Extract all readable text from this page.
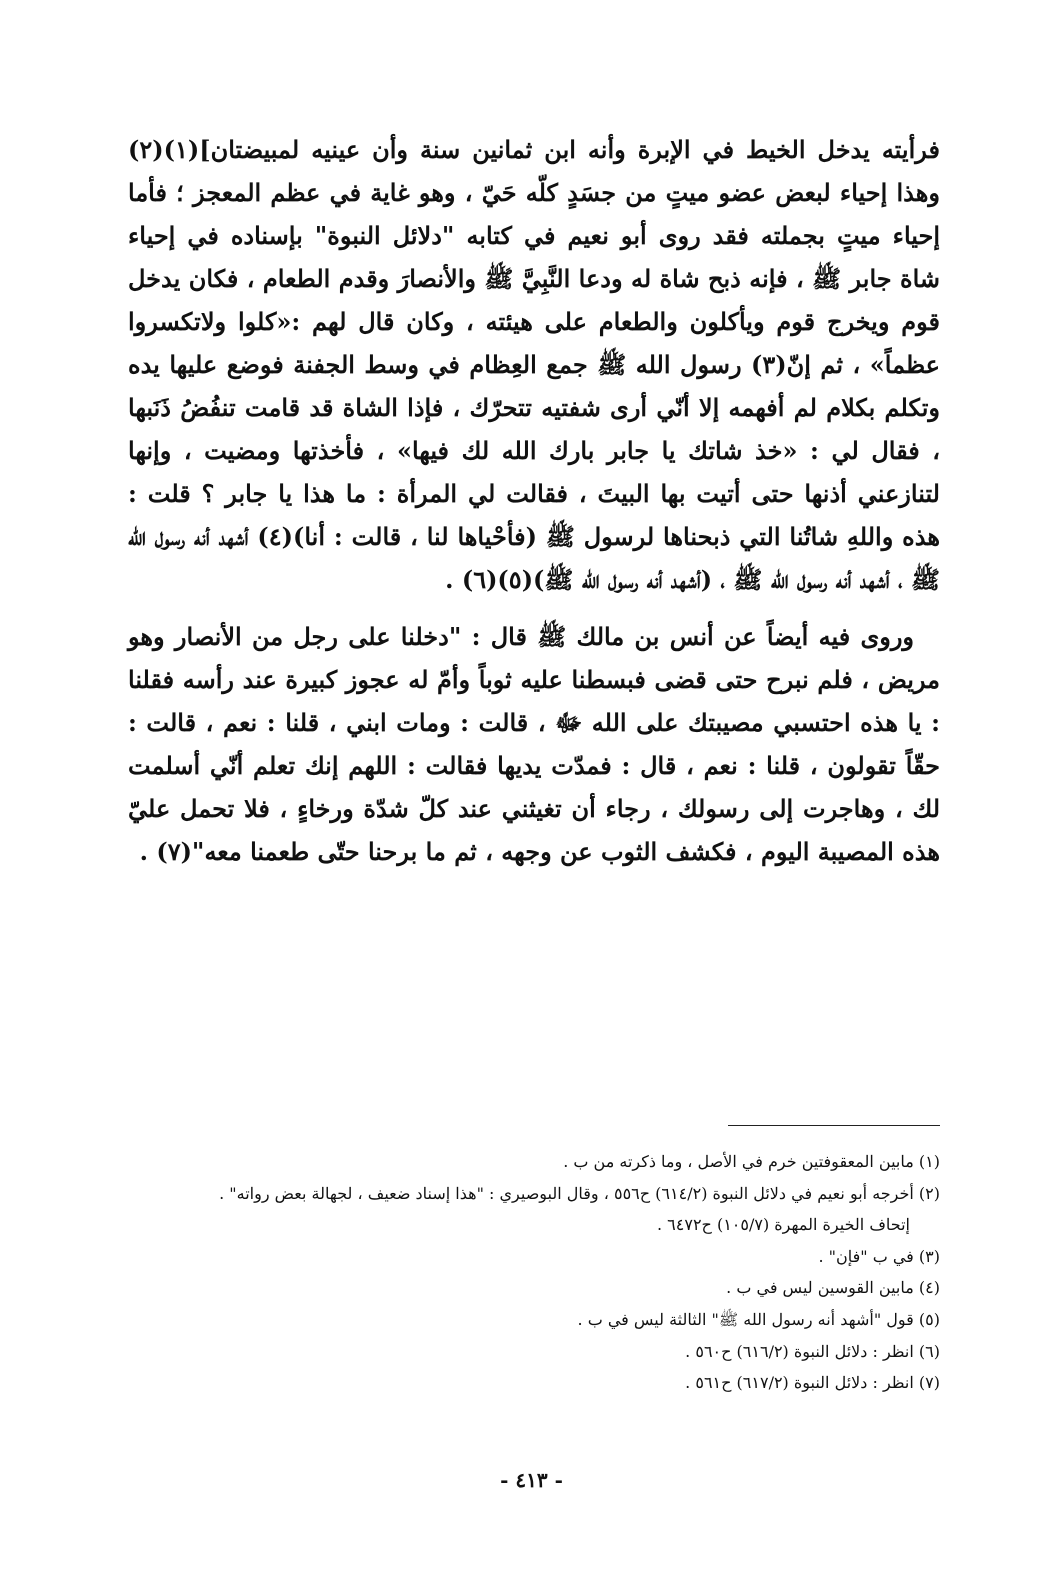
فرأيته يدخل الخيط في الإبرة وأنه ابن ثمانين سنة وأن عينيه لمبيضتان](١)(٢) وهذا إحياء لبعض عضو ميتٍ من جسَدٍ كلّه حَيّ ، وهو غاية في عظم المعجز ؛ فأما إحياء ميتٍ بجملته فقد روى أبو نعيم في كتابه "دلائل النبوة" بإسناده في إحياء شاة جابر ﷺ ، فإنه ذبح شاة له ودعا النَّبِيَّ ﷺ والأنصارَ وقدم الطعام ، فكان يدخل قوم ويخرج قوم ويأكلون والطعام على هيئته ، وكان قال لهم :«كلوا ولاتكسروا عظماً» ، ثم إنّ(٣) رسول الله ﷺ جمع العِظام في وسط الجفنة فوضع عليها يده وتكلم بكلام لم أفهمه إلا أنّي أرى شفتيه تتحرّك ، فإذا الشاة قد قامت تنفُضُ ذَنَبها ، فقال لي : «خذ شاتك يا جابر بارك الله لك فيها» ، فأخذتها ومضيت ، وإنها لتنازعني أذنها حتى أتيت بها البيتَ ، فقالت لي المرأة : ما هذا يا جابر ؟ قلت : هذه واللهِ شاتُنا التي ذبحناها لرسول ﷺ (فأحْياها لنا ، قالت : أنا)(٤) أشهد أنه رسول الله ﷺ ، أشهد أنه رسول الله ﷺ ، (أشهد أنه رسول الله ﷺ)(٥)(٦) .

وروى فيه أيضاً عن أنس بن مالك ﷺ قال : "دخلنا على رجل من الأنصار وهو مريض ، فلم نبرح حتى قضى فبسطنا عليه ثوباً وأمّ له عجوز كبيرة عند رأسه فقلنا : يا هذه احتسبي مصيبتك على الله ﷻ ، قالت : ومات ابني ، قلنا : نعم ، قالت : حقّاً تقولون ، قلنا : نعم ، قال : فمدّت يديها فقالت : اللهم إنك تعلم أنّي أسلمت لك ، وهاجرت إلى رسولك ، رجاء أن تغيثني عند كلّ شدّة ورخاءٍ ، فلا تحمل عليّ هذه المصيبة اليوم ، فكشف الثوب عن وجهه ، ثم ما برحنا حتّى طعمنا معه"(٧) .

(١) مابين المعقوفتين خرم في الأصل ، وما ذكرته من ب .
(٢) أخرجه أبو نعيم في دلائل النبوة (٦١٤/٢) ح٥٥٦ ، وقال البوصيري : "هذا إسناد ضعيف ، لجهالة بعض رواته" .
إتحاف الخيرة المهرة (١٠٥/٧) ح٦٤٧٢ .
(٣) في ب "فإن" .
(٤) مابين القوسين ليس في ب .
(٥) قول "أشهد أنه رسول الله ﷺ" الثالثة ليس في ب .
(٦) انظر : دلائل النبوة (٦١٦/٢) ح٥٦٠ .
(٧) انظر : دلائل النبوة (٦١٧/٢) ح٥٦١ .
- ٤١٣ -
